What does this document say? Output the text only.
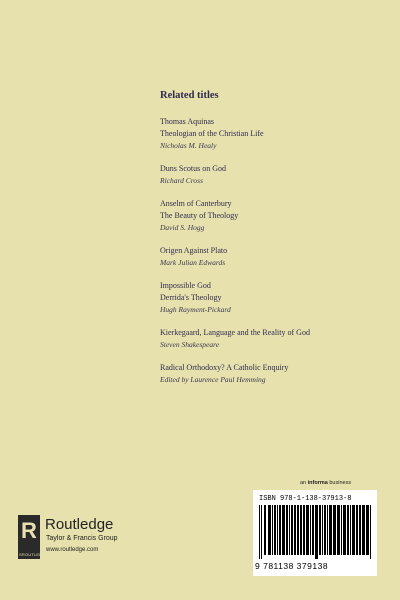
Related titles
Thomas Aquinas
Theologian of the Christian Life
Nicholas M. Healy
Duns Scotus on God
Richard Cross
Anselm of Canterbury
The Beauty of Theology
David S. Hogg
Origen Against Plato
Mark Julian Edwards
Impossible God
Derrida's Theology
Hugh Rayment-Pickard
Kierkegaard, Language and the Reality of God
Steven Shakespeare
Radical Orthodoxy? A Catholic Enquiry
Edited by Laurence Paul Hemming
R
SROUTLEDGE
Routledge
Taylor & Francis Group
www.routledge.com
an informa business
ISBN 978-1-138-37913-8
9 781138 379138
